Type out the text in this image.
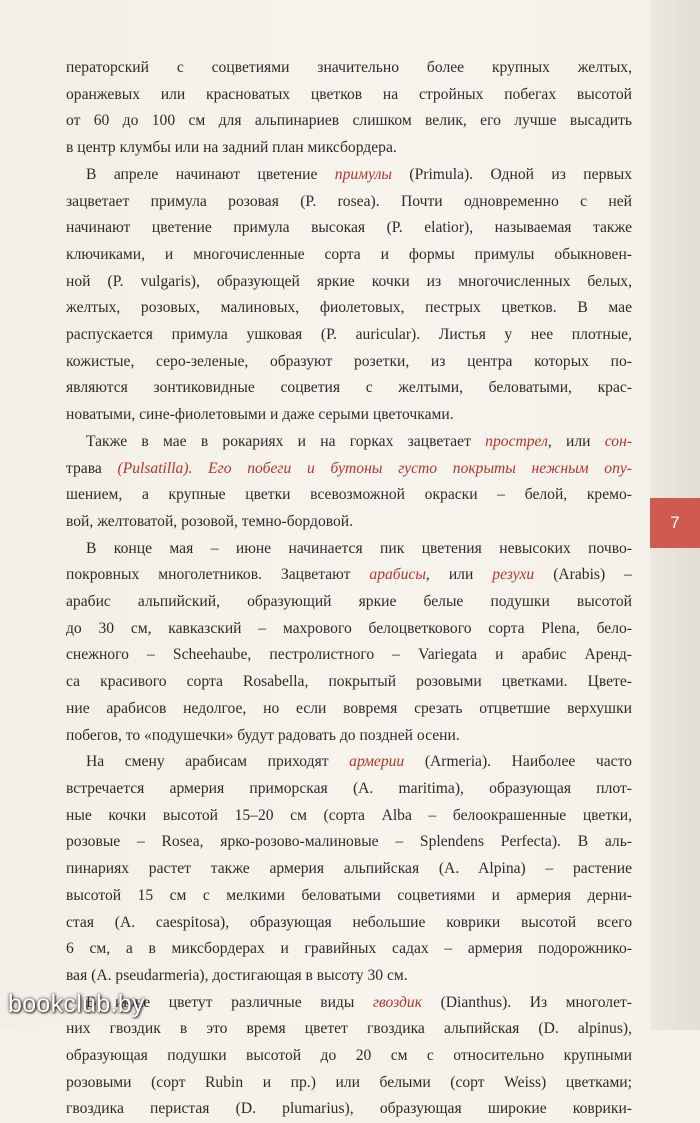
ператорский с соцветиями значительно более крупных желтых,
оранжевых или красноватых цветков на стройных побегах высотой
от 60 до 100 см для альпинариев слишком велик, его лучше высадить
в центр клумбы или на задний план миксбордера.
В апреле начинают цветение примулы (Primula). Одной из первых
зацветает примула розовая (P. rosea). Почти одновременно с ней
начинают цветение примула высокая (P. elatior), называемая также
ключиками, и многочисленные сорта и формы примулы обыкновен-
ной (P. vulgaris), образующей яркие кочки из многочисленных белых,
желтых, розовых, малиновых, фиолетовых, пестрых цветков. В мае
распускается примула ушковая (P. auricular). Листья у нее плотные,
кожистые, серо-зеленые, образуют розетки, из центра которых по-
являются зонтиковидные соцветия с желтыми, беловатыми, крас-
новатыми, сине-фиолетовыми и даже серыми цветочками.
Также в мае в рокариях и на горках зацветает прострел, или сон-
трава (Pulsatilla). Его побеги и бутоны густо покрыты нежным опу-
шением, а крупные цветки всевозможной окраски – белой, кремо-
вой, желтоватой, розовой, темно-бордовой.
В конце мая – июне начинается пик цветения невысоких почво-
покровных многолетников. Зацветают арабисы, или резухи (Arabis) –
арабис альпийский, образующий яркие белые подушки высотой
до 30 см, кавказский – махрового белоцветкового сорта Plena, бело-
снежного – Scheehaube, пестролистного – Variegata и арабис Аренд-
са красивого сорта Rosabella, покрытый розовыми цветками. Цвете-
ние арабисов недолгое, но если вовремя срезать отцветшие верхушки
побегов, то «подушечки» будут радовать до поздней осени.
На смену арабисам приходят армерии (Armeria). Наиболее часто
встречается армерия приморская (A. maritima), образующая плот-
ные кочки высотой 15–20 см (сорта Alba – белоокрашенные цветки,
розовые – Rosea, ярко-розово-малиновые – Splendens Perfecta). В аль-
пинариях растет также армерия альпийская (A. Alpina) – растение
высотой 15 см с мелкими беловатыми соцветиями и армерия дерни-
стая (A. caespitosa), образующая небольшие коврики высотой всего
6 см, а в миксбордерах и гравийных садах – армерия подорожнико-
вая (A. pseudarmeria), достигающая в высоту 30 см.
В июне цветут различные виды гвоздик (Dianthus). Из многолет-
них гвоздик в это время цветет гвоздика альпийская (D. alpinus),
образующая подушки высотой до 20 см с относительно крупными
розовыми (сорт Rubin и пр.) или белыми (сорт Weiss) цветками;
гвоздика перистая (D. plumarius), образующая широкие коврики-
7
bookclub.by
